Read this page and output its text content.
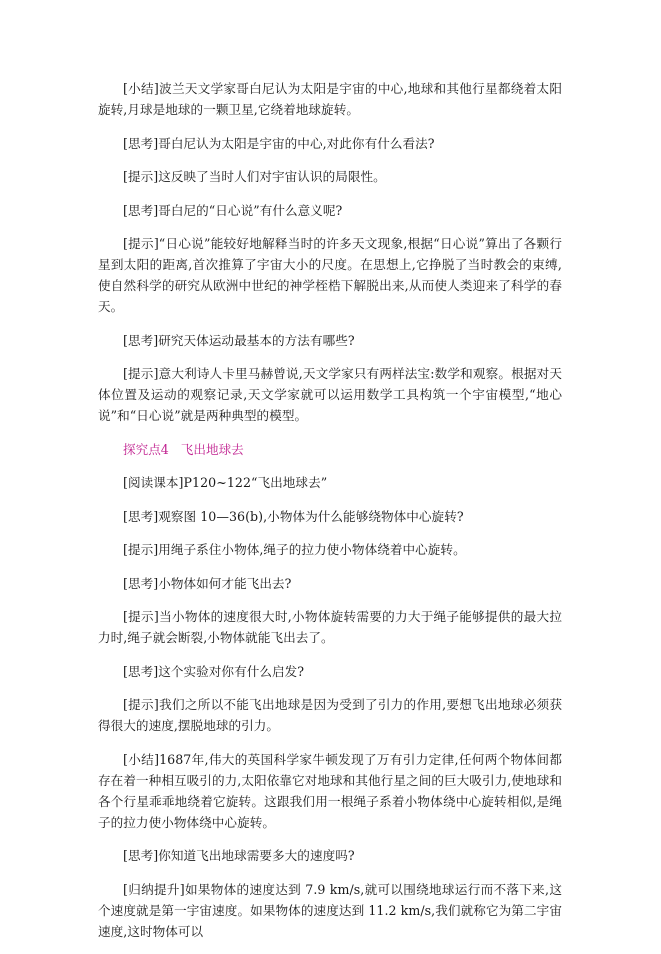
[小结]波兰天文学家哥白尼认为太阳是宇宙的中心,地球和其他行星都绕着太阳旋转,月球是地球的一颗卫星,它绕着地球旋转。

[思考]哥白尼认为太阳是宇宙的中心,对此你有什么看法?

[提示]这反映了当时人们对宇宙认识的局限性。

[思考]哥白尼的“日心说”有什么意义呢?

[提示]“日心说”能较好地解释当时的许多天文现象,根据“日心说”算出了各颗行星到太阳的距离,首次推算了宇宙大小的尺度。在思想上,它挣脱了当时教会的束缚,使自然科学的研究从欧洲中世纪的神学桎梏下解脱出来,从而使人类迎来了科学的春天。

[思考]研究天体运动最基本的方法有哪些?

[提示]意大利诗人卡里马赫曾说,天文学家只有两样法宝:数学和观察。根据对天体位置及运动的观察记录,天文学家就可以运用数学工具构筑一个宇宙模型,“地心说”和“日心说”就是两种典型的模型。

探究点4 飞出地球去

[阅读课本]P120~122“飞出地球去”

[思考]观察图 10—36(b),小物体为什么能够绕物体中心旋转?

[提示]用绳子系住小物体,绳子的拉力使小物体绕着中心旋转。

[思考]小物体如何才能飞出去?

[提示]当小物体的速度很大时,小物体旋转需要的力大于绳子能够提供的最大拉力时,绳子就会断裂,小物体就能飞出去了。

[思考]这个实验对你有什么启发?

[提示]我们之所以不能飞出地球是因为受到了引力的作用,要想飞出地球必须获得很大的速度,摆脱地球的引力。

[小结]1687年,伟大的英国科学家牛顿发现了万有引力定律,任何两个物体间都存在着一种相互吸引的力,太阳依靠它对地球和其他行星之间的巨大吸引力,使地球和各个行星乖乖地绕着它旋转。这跟我们用一根绳子系着小物体绕中心旋转相似,是绳子的拉力使小物体绕中心旋转。

[思考]你知道飞出地球需要多大的速度吗?

[归纳提升]如果物体的速度达到 7.9 km/s,就可以围绕地球运行而不落下来,这个速度就是第一宇宙速度。如果物体的速度达到 11.2 km/s,我们就称它为第二宇宙速度,这时物体可以
